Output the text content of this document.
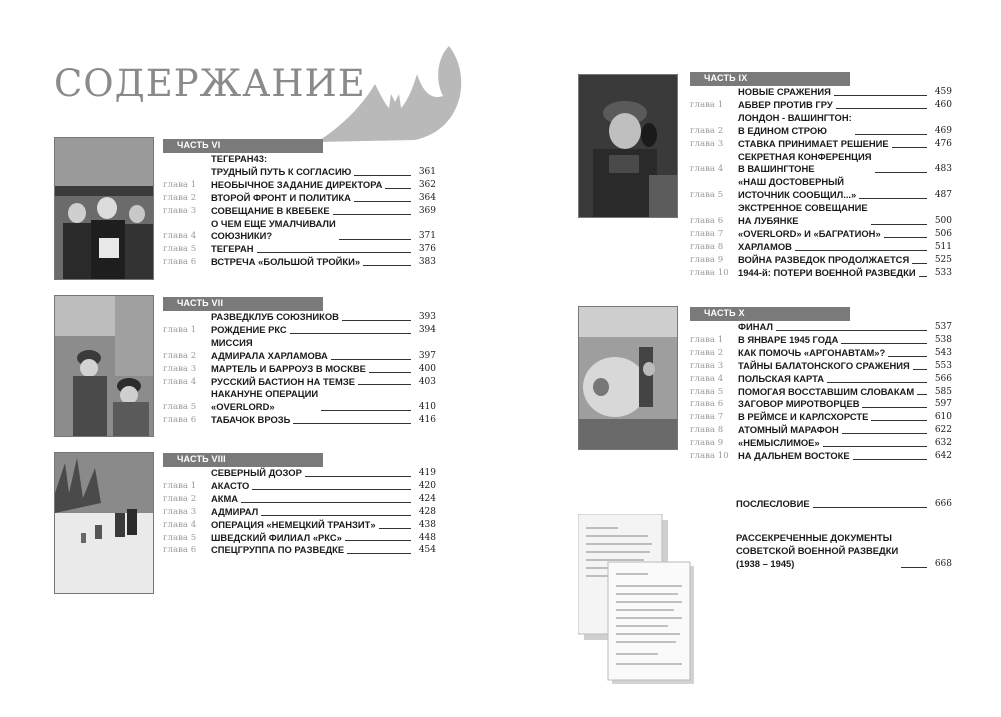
СОДЕРЖАНИЕ
ЧАСТЬ VI
ТЕГЕРАН43:
ТРУДНЫЙ ПУТЬ К СОГЛАСИЮ	361
глава 1	НЕОБЫЧНОЕ ЗАДАНИЕ ДИРЕКТОРА	362
глава 2	ВТОРОЙ ФРОНТ И ПОЛИТИКА	364
глава 3	СОВЕЩАНИЕ В КВЕБЕКЕ	369
глава 4
О ЧЕМ ЕЩЕ УМАЛЧИВАЛИ
СОЮЗНИКИ?	371
глава 5	ТЕГЕРАН	376
глава 6	ВСТРЕЧА «БОЛЬШОЙ ТРОЙКИ»	383
ЧАСТЬ VII
РАЗВЕДКЛУБ СОЮЗНИКОВ	393
глава 1	РОЖДЕНИЕ РКС	394
глава 2
МИССИЯ
АДМИРАЛА ХАРЛАМОВА	397
глава 3	МАРТЕЛЬ И БАРРОУЗ В МОСКВЕ	400
глава 4	РУССКИЙ БАСТИОН НА ТЕМЗЕ	403
глава 5
НАКАНУНЕ ОПЕРАЦИИ
«OVERLORD»	410
глава 6	ТАБАЧОК ВРОЗЬ	416
ЧАСТЬ VIII
СЕВЕРНЫЙ ДОЗОР	419
глава 1	АКАСТО	420
глава 2	АКМА	424
глава 3	АДМИРАЛ	428
глава 4	ОПЕРАЦИЯ «НЕМЕЦКИЙ ТРАНЗИТ»	438
глава 5	ШВЕДСКИЙ ФИЛИАЛ «РКС»	448
глава 6	СПЕЦГРУППА ПО РАЗВЕДКЕ	454
ЧАСТЬ IX
НОВЫЕ СРАЖЕНИЯ	459
глава 1	АБВЕР ПРОТИВ ГРУ	460
глава 2
ЛОНДОН - ВАШИНГТОН:
В ЕДИНОМ СТРОЮ	469
глава 3	СТАВКА ПРИНИМАЕТ РЕШЕНИЕ	476
глава 4
СЕКРЕТНАЯ КОНФЕРЕНЦИЯ
В ВАШИНГТОНЕ	483
глава 5
«НАШ ДОСТОВЕРНЫЙ
ИСТОЧНИК СООБЩИЛ...»	487
глава 6
ЭКСТРЕННОЕ СОВЕЩАНИЕ
НА ЛУБЯНКЕ	500
глава 7	«OVERLORD» И «БАГРАТИОН»	506
глава 8	ХАРЛАМОВ	511
глава 9	ВОЙНА РАЗВЕДОК ПРОДОЛЖАЕТСЯ	525
глава 10 1944-й: ПОТЕРИ ВОЕННОЙ РАЗВЕДКИ	533
ЧАСТЬ X
ФИНАЛ	537
глава 1	В ЯНВАРЕ 1945 ГОДА	538
глава 2	КАК ПОМОЧЬ «АРГОНАВТАМ»?	543
глава 3	ТАЙНЫ БАЛАТОНСКОГО СРАЖЕНИЯ	553
глава 4	ПОЛЬСКАЯ КАРТА	566
глава 5	ПОМОГАЯ ВОССТАВШИМ СЛОВАКАМ	585
глава 6	ЗАГОВОР МИРОТВОРЦЕВ	597
глава 7	В РЕЙМСЕ И КАРЛСХОРСТЕ	610
глава 8	АТОМНЫЙ МАРАФОН	622
глава 9	«НЕМЫСЛИМОЕ»	632
глава 10 НА ДАЛЬНЕМ ВОСТОКЕ	642
ПОСЛЕСЛОВИЕ	666
РАССЕКРЕЧЕННЫЕ ДОКУМЕНТЫ
СОВЕТСКОЙ ВОЕННОЙ РАЗВЕДКИ
(1938 – 1945)	668
